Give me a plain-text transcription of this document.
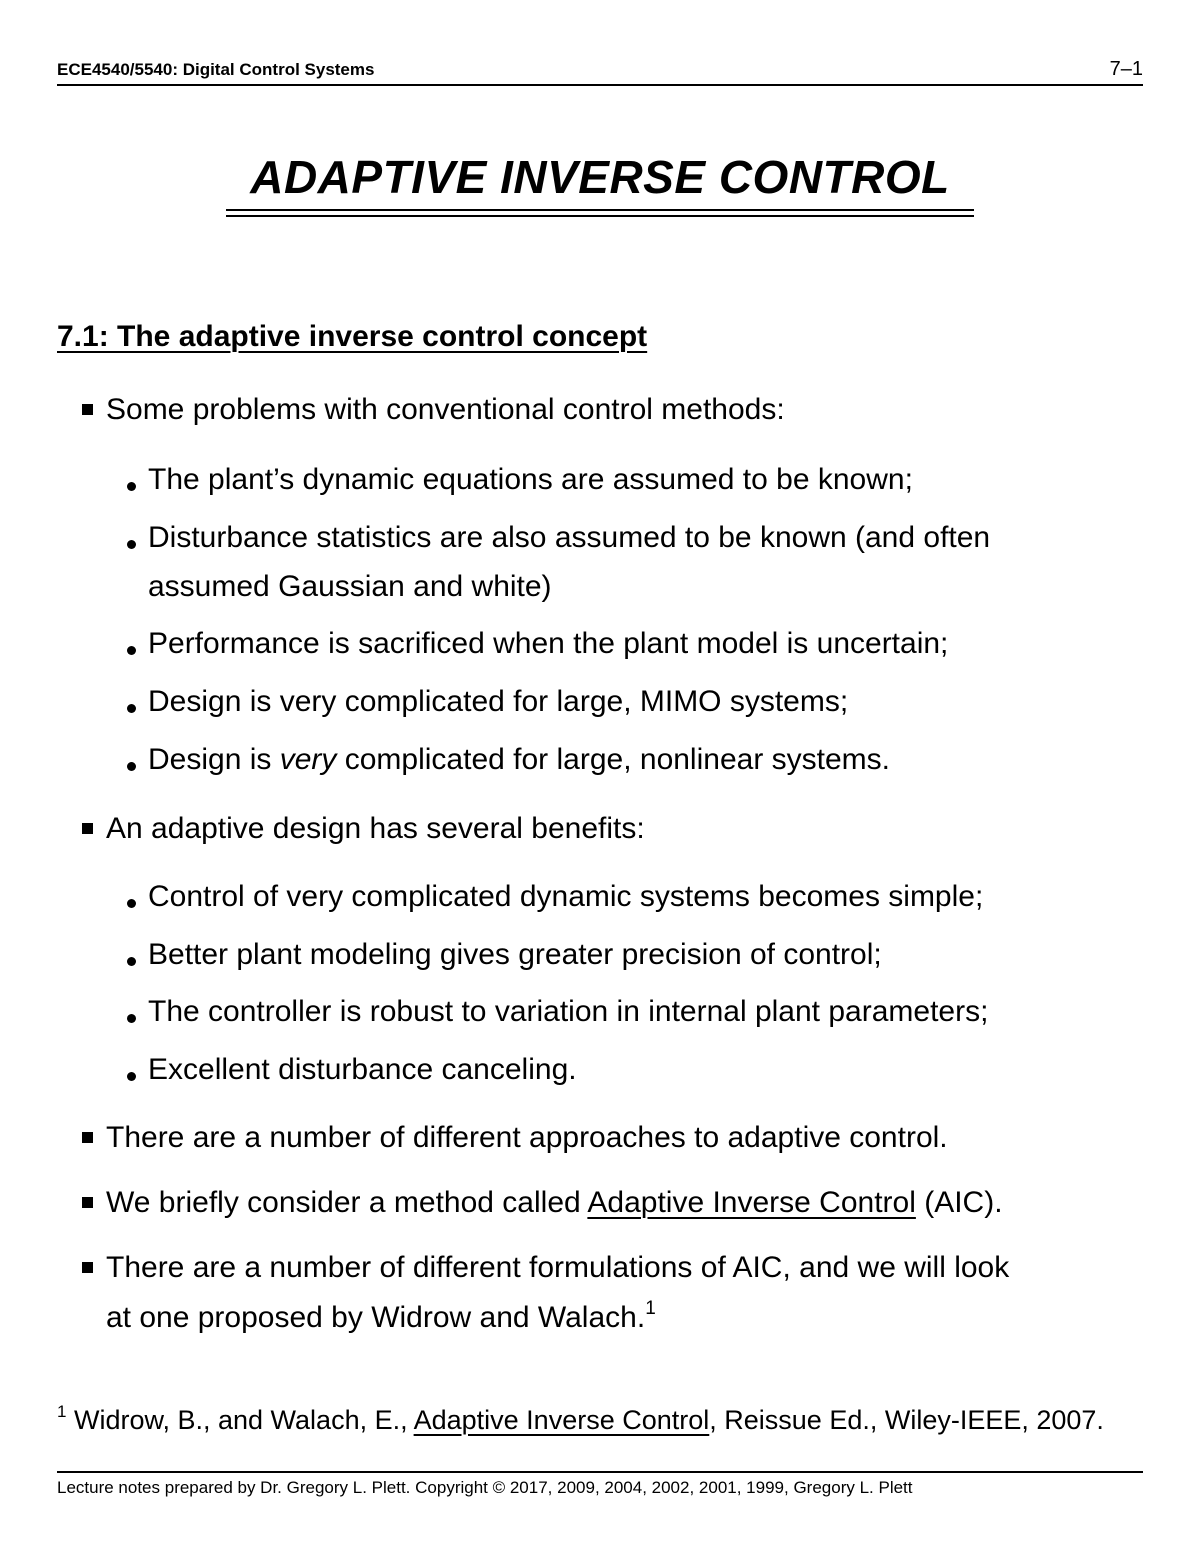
ECE4540/5540: Digital Control Systems	7–1
ADAPTIVE INVERSE CONTROL
7.1: The adaptive inverse control concept
Some problems with conventional control methods:
The plant’s dynamic equations are assumed to be known;
Disturbance statistics are also assumed to be known (and often
assumed Gaussian and white)
Performance is sacrificed when the plant model is uncertain;
Design is very complicated for large, MIMO systems;
Design is very complicated for large, nonlinear systems.
An adaptive design has several benefits:
Control of very complicated dynamic systems becomes simple;
Better plant modeling gives greater precision of control;
The controller is robust to variation in internal plant parameters;
Excellent disturbance canceling.
There are a number of different approaches to adaptive control.
We briefly consider a method called Adaptive Inverse Control (AIC).
There are a number of different formulations of AIC, and we will look
at one proposed by Widrow and Walach.$^1$
$^1$ Widrow, B., and Walach, E., Adaptive Inverse Control, Reissue Ed., Wiley-IEEE, 2007.
Lecture notes prepared by Dr. Gregory L. Plett. Copyright © 2017, 2009, 2004, 2002, 2001, 1999, Gregory L. Plett
